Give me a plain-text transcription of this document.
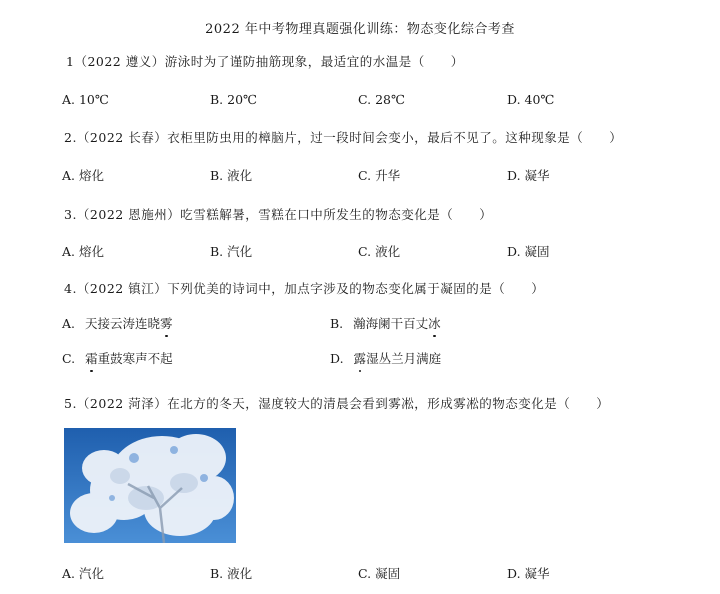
2022 年中考物理真题强化训练：物态变化综合考查
1（2022 遵义）游泳时为了谨防抽筋现象，最适宜的水温是（　　）
A. 10℃	B. 20℃	C. 28℃	D. 40℃
2.（2022 长春）衣柜里防虫用的樟脑片，过一段时间会变小，最后不见了。这种现象是（　　）
A. 熔化	B. 液化	C. 升华	D. 凝华
3.（2022 恩施州）吃雪糕解暑，雪糕在口中所发生的物态变化是（　　）
A. 熔化	B. 汽化	C. 液化	D. 凝固
4.（2022 镇江）下列优美的诗词中，加点字涉及的物态变化属于凝固的是（　　）
A. 天接云涛连晓雾	B. 瀚海阑干百丈冰
C. 霜重鼓寒声不起	D. 露湿丛兰月满庭
5.（2022 菏泽）在北方的冬天，湿度较大的清晨会看到雾凇，形成雾凇的物态变化是（　　）
A. 汽化	B. 液化	C. 凝固	D. 凝华
